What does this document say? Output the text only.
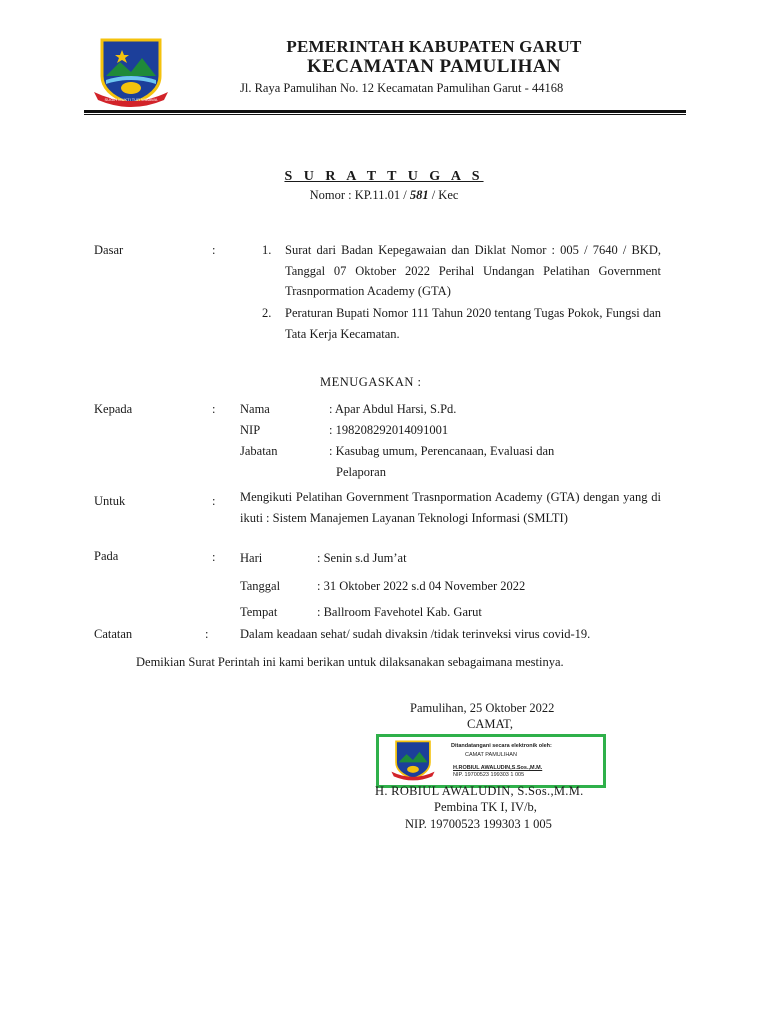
SUGIH MUKTI TUR WIBAWA
PEMERINTAH KABUPATEN GARUT
KECAMATAN PAMULIHAN
Jl. Raya Pamulihan No. 12 Kecamatan Pamulihan Garut - 44168
S U R A T T U G A S
Nomor : KP.11.01 / 581 / Kec
Dasar	:	1. Surat dari Badan Kepegawaian dan Diklat Nomor : 005 / 7640 / BKD, Tanggal 07 Oktober 2022 Perihal Undangan Pelatihan Government Trasnpormation Academy (GTA)
2. Peraturan Bupati Nomor 111 Tahun 2020 tentang Tugas Pokok, Fungsi dan Tata Kerja Kecamatan.
MENUGASKAN :
Kepada	: Nama	: Apar Abdul Harsi, S.Pd.
NIP	: 198208292014091001
Jabatan	: Kasubag umum, Perencanaan, Evaluasi dan
Pelaporan
Untuk	: Mengikuti Pelatihan Government Trasnpormation Academy (GTA) dengan yang di ikuti : Sistem Manajemen Layanan Teknologi Informasi (SMLTI)
Pada	: Hari	: Senin s.d Jum’at
Tanggal	: 31 Oktober 2022 s.d 04 November 2022
Tempat	: Ballroom Favehotel Kab. Garut
Catatan	:	Dalam keadaan sehat/ sudah divaksin /tidak terinveksi virus covid-19.
Demikian Surat Perintah ini kami berikan untuk dilaksanakan sebagaimana mestinya.
Pamulihan, 25 Oktober 2022
CAMAT,
Ditandatangani secara elektronik oleh:
CAMAT PAMULIHAN
H.ROBIUL AWALUDIN,S.Sos.,M.M.
NIP. 19700523 199303 1 005
H. ROBIUL AWALUDIN, S.Sos.,M.M.
Pembina TK I, IV/b,
NIP. 19700523 199303 1 005
